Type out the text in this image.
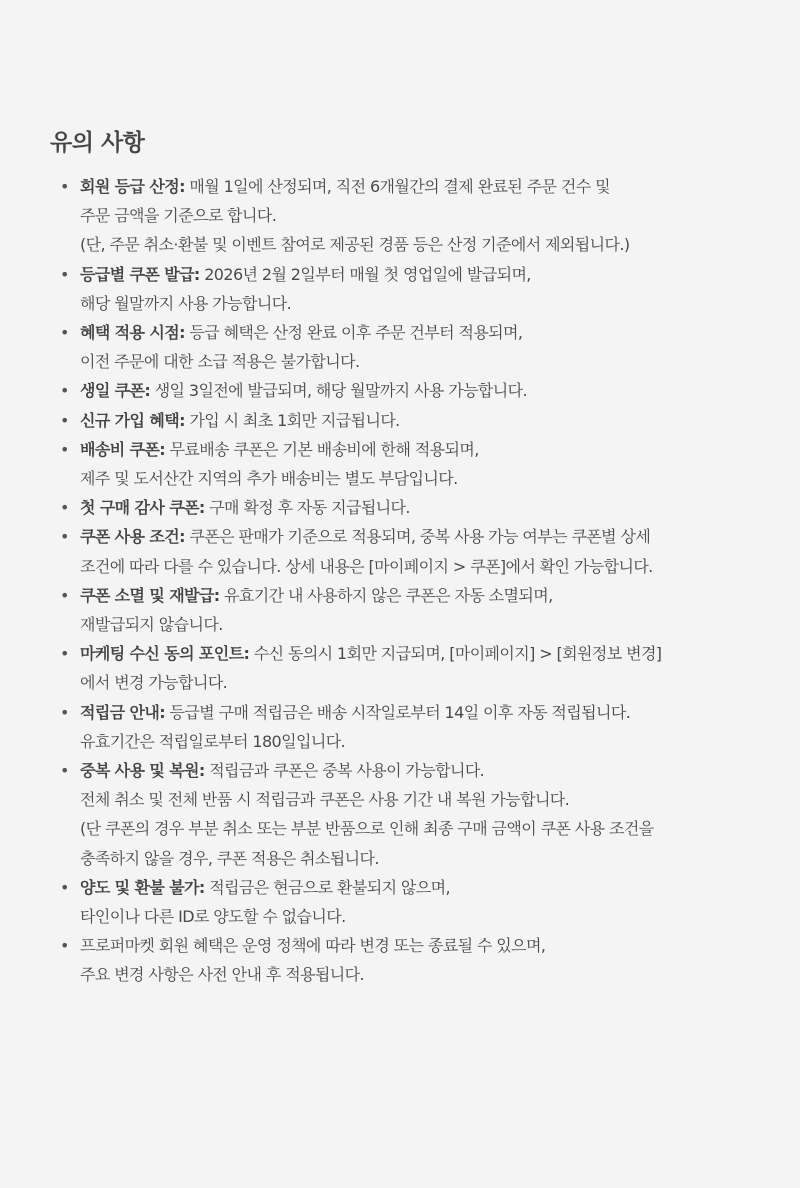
유의 사항
• 회원 등급 산정: 매월 1일에 산정되며, 직전 6개월간의 결제 완료된 주문 건수 및
주문 금액을 기준으로 합니다.
(단, 주문 취소·환불 및 이벤트 참여로 제공된 경품 등은 산정 기준에서 제외됩니다.)
• 등급별 쿠폰 발급: 2026년 2월 2일부터 매월 첫 영업일에 발급되며,
해당 월말까지 사용 가능합니다.
• 혜택 적용 시점: 등급 혜택은 산정 완료 이후 주문 건부터 적용되며,
이전 주문에 대한 소급 적용은 불가합니다.
• 생일 쿠폰: 생일 3일전에 발급되며, 해당 월말까지 사용 가능합니다.
• 신규 가입 혜택: 가입 시 최초 1회만 지급됩니다.
• 배송비 쿠폰: 무료배송 쿠폰은 기본 배송비에 한해 적용되며,
제주 및 도서산간 지역의 추가 배송비는 별도 부담입니다.
• 첫 구매 감사 쿠폰: 구매 확정 후 자동 지급됩니다.
• 쿠폰 사용 조건: 쿠폰은 판매가 기준으로 적용되며, 중복 사용 가능 여부는 쿠폰별 상세
조건에 따라 다를 수 있습니다. 상세 내용은 [마이페이지 > 쿠폰]에서 확인 가능합니다.
• 쿠폰 소멸 및 재발급: 유효기간 내 사용하지 않은 쿠폰은 자동 소멸되며,
재발급되지 않습니다.
• 마케팅 수신 동의 포인트: 수신 동의시 1회만 지급되며, [마이페이지] > [회원정보 변경]
에서 변경 가능합니다.
• 적립금 안내: 등급별 구매 적립금은 배송 시작일로부터 14일 이후 자동 적립됩니다.
유효기간은 적립일로부터 180일입니다.
• 중복 사용 및 복원: 적립금과 쿠폰은 중복 사용이 가능합니다.
전체 취소 및 전체 반품 시 적립금과 쿠폰은 사용 기간 내 복원 가능합니다.
(단 쿠폰의 경우 부분 취소 또는 부분 반품으로 인해 최종 구매 금액이 쿠폰 사용 조건을
충족하지 않을 경우, 쿠폰 적용은 취소됩니다.
• 양도 및 환불 불가: 적립금은 현금으로 환불되지 않으며,
타인이나 다른 ID로 양도할 수 없습니다.
• 프로퍼마켓 회원 혜택은 운영 정책에 따라 변경 또는 종료될 수 있으며,
주요 변경 사항은 사전 안내 후 적용됩니다.
